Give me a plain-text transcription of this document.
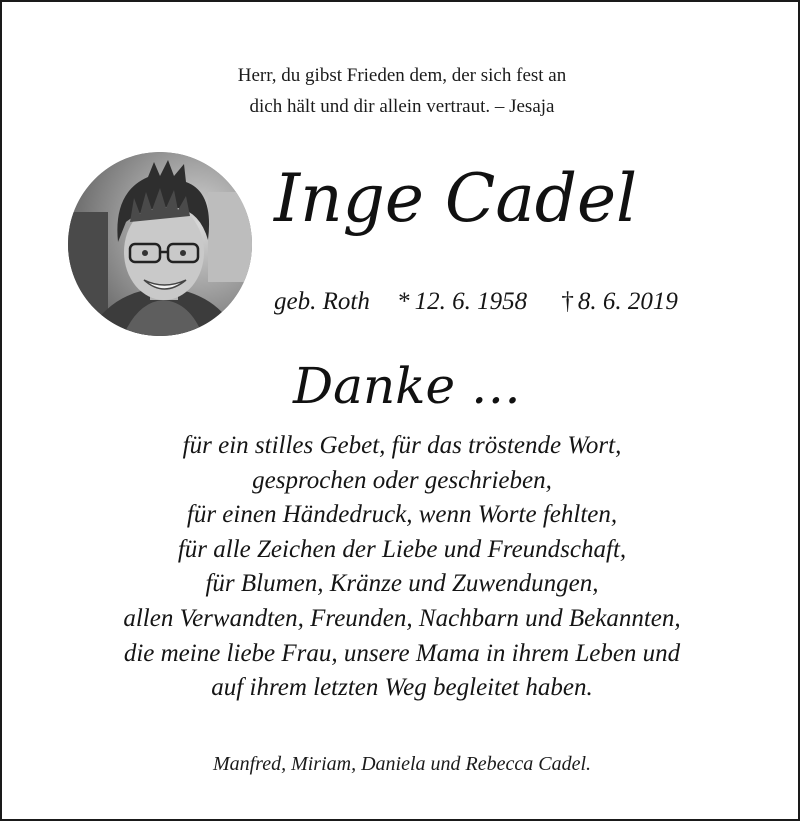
Herr, du gibst Frieden dem, der sich fest an
dich hält und dir allein vertraut. – Jesaja
Inge Cadel
geb. Roth * 12. 6. 1958 † 8. 6. 2019
Danke …
für ein stilles Gebet, für das tröstende Wort,
gesprochen oder geschrieben,
für einen Händedruck, wenn Worte fehlten,
für alle Zeichen der Liebe und Freundschaft,
für Blumen, Kränze und Zuwendungen,
allen Verwandten, Freunden, Nachbarn und Bekannten,
die meine liebe Frau, unsere Mama in ihrem Leben und
auf ihrem letzten Weg begleitet haben.
Manfred, Miriam, Daniela und Rebecca Cadel.
